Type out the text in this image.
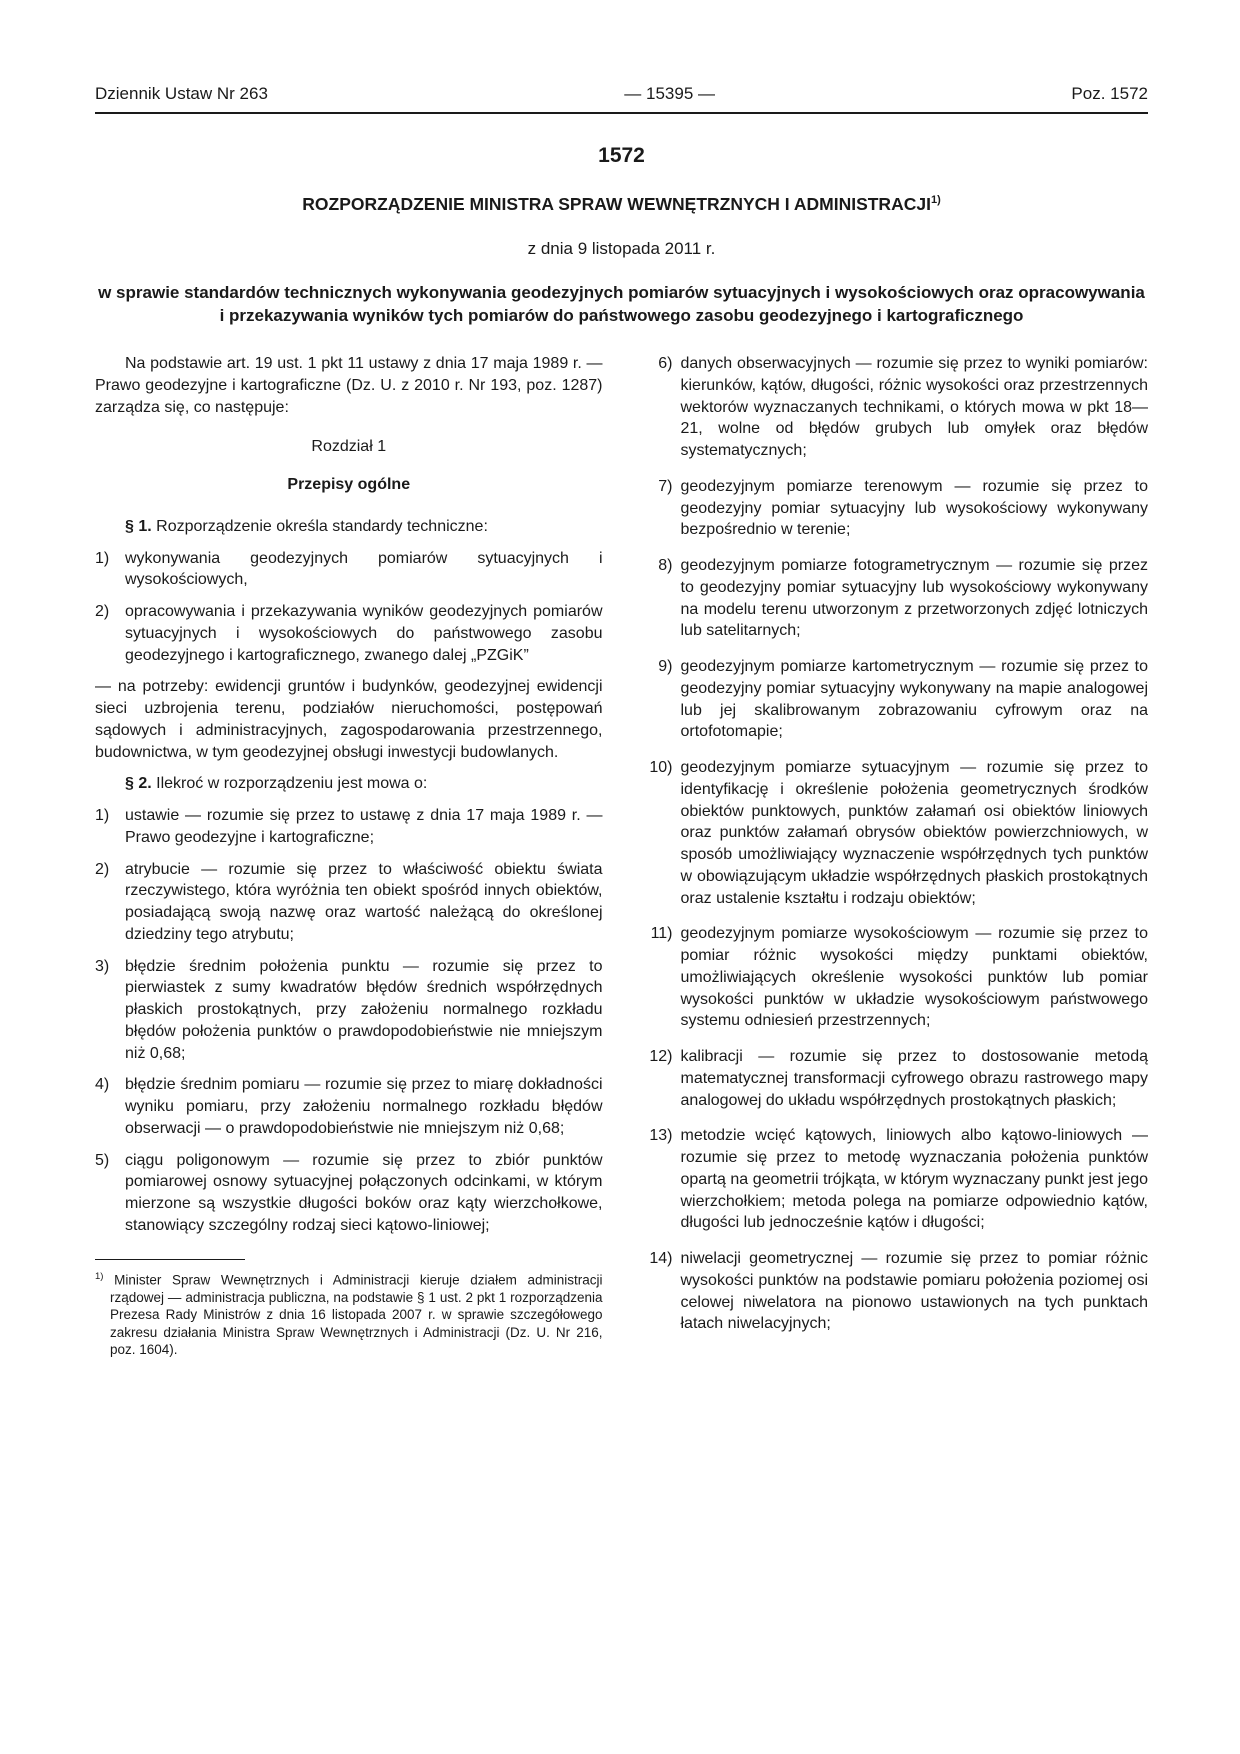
Dziennik Ustaw Nr 263	— 15395 —	Poz. 1572
1572
ROZPORZĄDZENIE MINISTRA SPRAW WEWNĘTRZNYCH I ADMINISTRACJI$^{1)}$
z dnia 9 listopada 2011 r.
w sprawie standardów technicznych wykonywania geodezyjnych pomiarów sytuacyjnych i wysokościowych oraz opracowywania i przekazywania wyników tych pomiarów do państwowego zasobu geodezyjnego i kartograficznego

Na podstawie art. 19 ust. 1 pkt 11 ustawy z dnia 17 maja 1989 r. — Prawo geodezyjne i kartograficzne (Dz. U. z 2010 r. Nr 193, poz. 1287) zarządza się, co następuje:

Rozdział 1
Przepisy ogólne

§ 1. Rozporządzenie określa standardy techniczne:

1) wykonywania geodezyjnych pomiarów sytuacyjnych i wysokościowych,
2) opracowywania i przekazywania wyników geodezyjnych pomiarów sytuacyjnych i wysokościowych do państwowego zasobu geodezyjnego i kartograficznego, zwanego dalej „PZGiK”

— na potrzeby: ewidencji gruntów i budynków, geodezyjnej ewidencji sieci uzbrojenia terenu, podziałów nieruchomości, postępowań sądowych i administracyjnych, zagospodarowania przestrzennego, budownictwa, w tym geodezyjnej obsługi inwestycji budowlanych.

§ 2. Ilekroć w rozporządzeniu jest mowa o:

1) ustawie — rozumie się przez to ustawę z dnia 17 maja 1989 r. — Prawo geodezyjne i kartograficzne;
2) atrybucie — rozumie się przez to właściwość obiektu świata rzeczywistego, która wyróżnia ten obiekt spośród innych obiektów, posiadającą swoją nazwę oraz wartość należącą do określonej dziedziny tego atrybutu;
3) błędzie średnim położenia punktu — rozumie się przez to pierwiastek z sumy kwadratów błędów średnich współrzędnych płaskich prostokątnych, przy założeniu normalnego rozkładu błędów położenia punktów o prawdopodobieństwie nie mniejszym niż 0,68;
4) błędzie średnim pomiaru — rozumie się przez to miarę dokładności wyniku pomiaru, przy założeniu normalnego rozkładu błędów obserwacji — o prawdopodobieństwie nie mniejszym niż 0,68;
5) ciągu poligonowym — rozumie się przez to zbiór punktów pomiarowej osnowy sytuacyjnej połączonych odcinkami, w którym mierzone są wszystkie długości boków oraz kąty wierzchołkowe, stanowiący szczególny rodzaj sieci kątowo-liniowej;
$^{1)}$ Minister Spraw Wewnętrznych i Administracji kieruje działem administracji rządowej — administracja publiczna, na podstawie § 1 ust. 2 pkt 1 rozporządzenia Prezesa Rady Ministrów z dnia 16 listopada 2007 r. w sprawie szczegółowego zakresu działania Ministra Spraw Wewnętrznych i Administracji (Dz. U. Nr 216, poz. 1604).
6) danych obserwacyjnych — rozumie się przez to wyniki pomiarów: kierunków, kątów, długości, różnic wysokości oraz przestrzennych wektorów wyznaczanych technikami, o których mowa w pkt 18—21, wolne od błędów grubych lub omyłek oraz błędów systematycznych;
7) geodezyjnym pomiarze terenowym — rozumie się przez to geodezyjny pomiar sytuacyjny lub wysokościowy wykonywany bezpośrednio w terenie;
8) geodezyjnym pomiarze fotogrametrycznym — rozumie się przez to geodezyjny pomiar sytuacyjny lub wysokościowy wykonywany na modelu terenu utworzonym z przetworzonych zdjęć lotniczych lub satelitarnych;
9) geodezyjnym pomiarze kartometrycznym — rozumie się przez to geodezyjny pomiar sytuacyjny wykonywany na mapie analogowej lub jej skalibrowanym zobrazowaniu cyfrowym oraz na ortofotomapie;
10) geodezyjnym pomiarze sytuacyjnym — rozumie się przez to identyfikację i określenie położenia geometrycznych środków obiektów punktowych, punktów załamań osi obiektów liniowych oraz punktów załamań obrysów obiektów powierzchniowych, w sposób umożliwiający wyznaczenie współrzędnych tych punktów w obowiązującym układzie współrzędnych płaskich prostokątnych oraz ustalenie kształtu i rodzaju obiektów;
11) geodezyjnym pomiarze wysokościowym — rozumie się przez to pomiar różnic wysokości między punktami obiektów, umożliwiających określenie wysokości punktów lub pomiar wysokości punktów w układzie wysokościowym państwowego systemu odniesień przestrzennych;
12) kalibracji — rozumie się przez to dostosowanie metodą matematycznej transformacji cyfrowego obrazu rastrowego mapy analogowej do układu współrzędnych prostokątnych płaskich;
13) metodzie wcięć kątowych, liniowych albo kątowo-liniowych — rozumie się przez to metodę wyznaczania położenia punktów opartą na geometrii trójkąta, w którym wyznaczany punkt jest jego wierzchołkiem; metoda polega na pomiarze odpowiednio kątów, długości lub jednocześnie kątów i długości;
14) niwelacji geometrycznej — rozumie się przez to pomiar różnic wysokości punktów na podstawie pomiaru położenia poziomej osi celowej niwelatora na pionowo ustawionych na tych punktach łatach niwelacyjnych;
